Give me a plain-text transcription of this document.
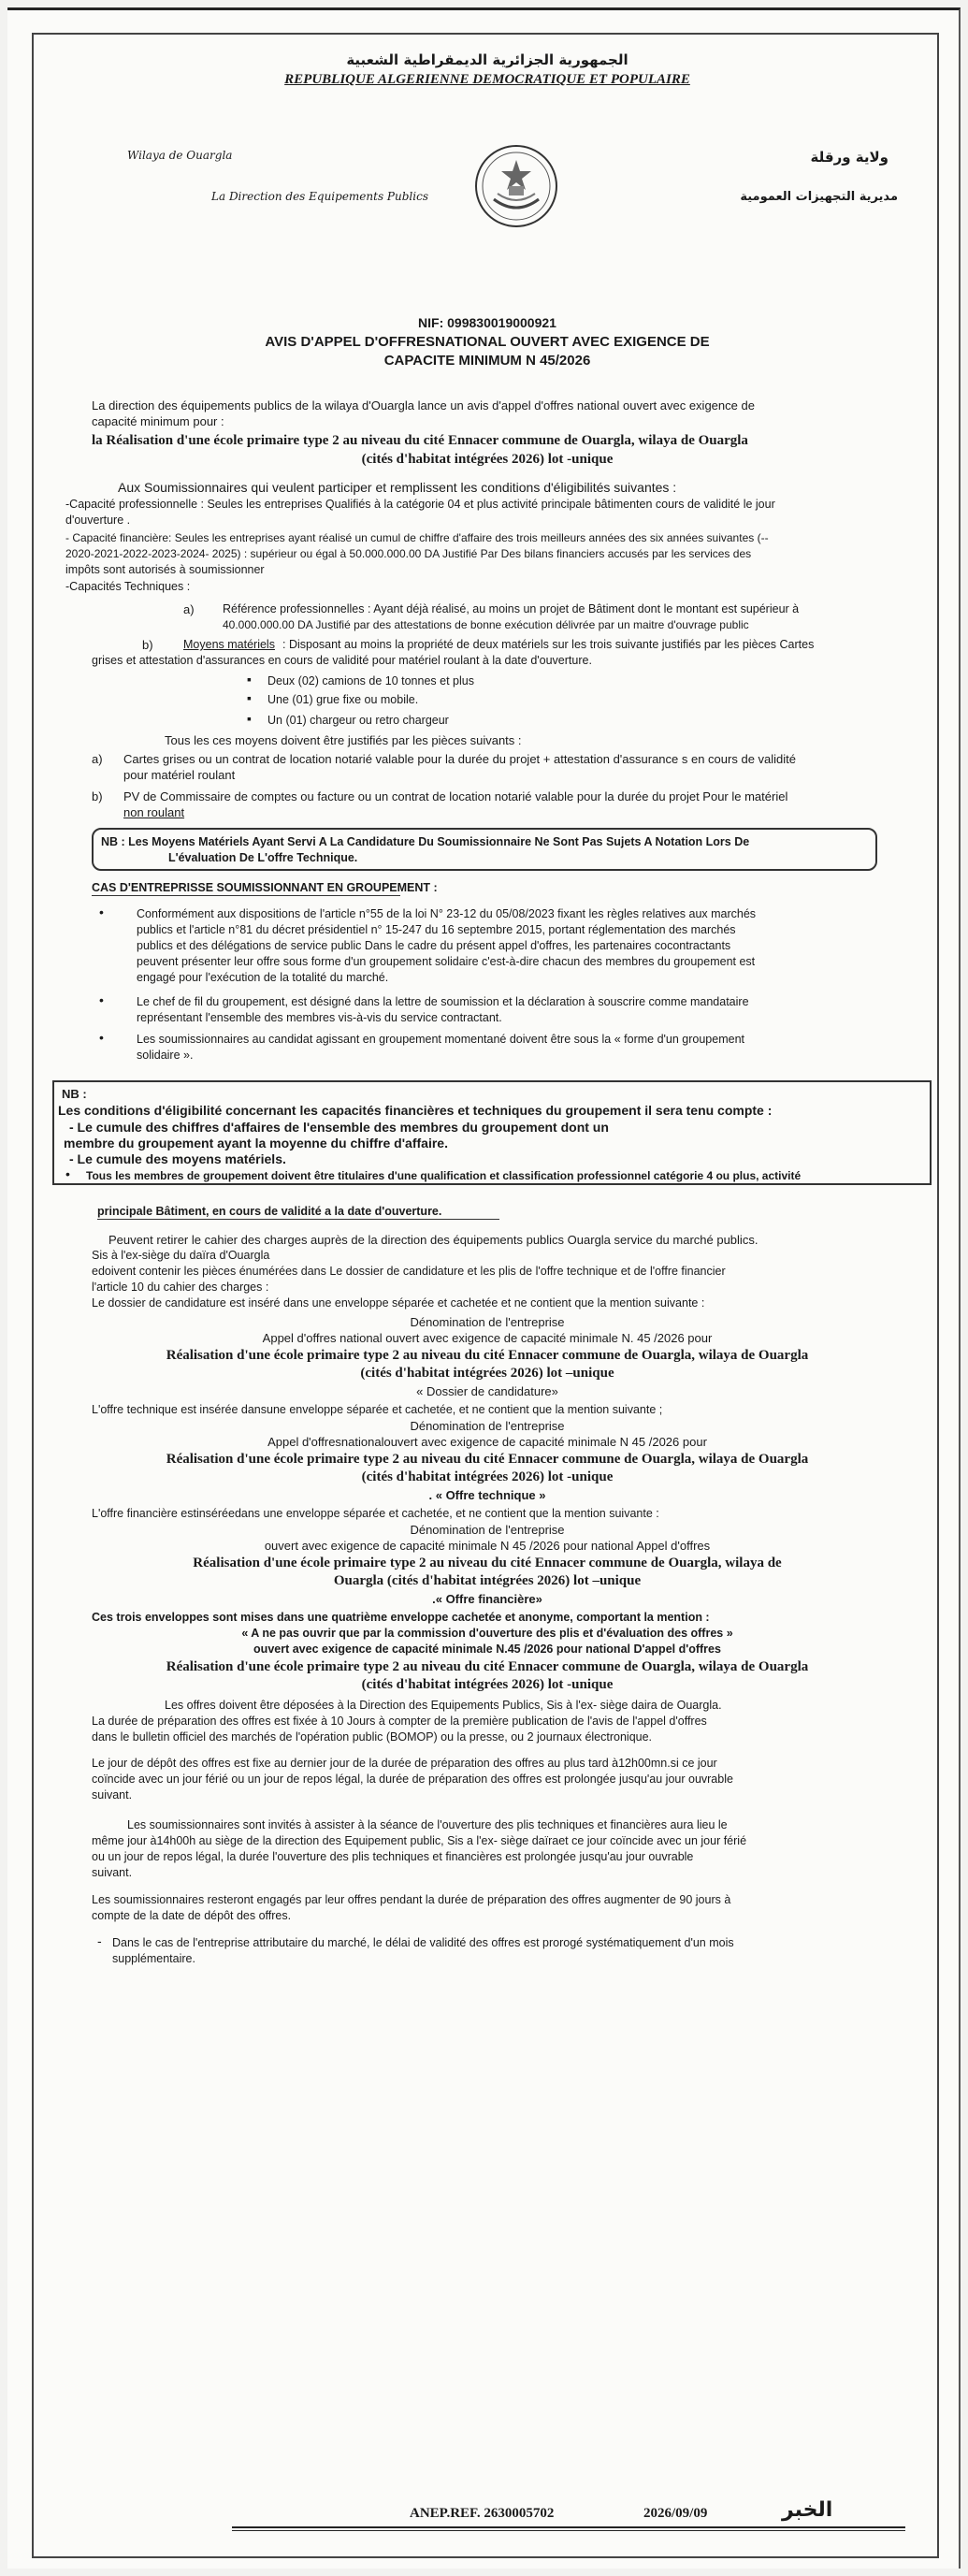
الجمهورية الجزائرية الديمقراطية الشعبية
REPUBLIQUE ALGERIENNE DEMOCRATIQUE ET POPULAIRE
Wilaya de Ouargla
La Direction des Equipements Publics
ولاية ورقلة
مديرية التجهيزات العمومية
NIF: 099830019000921
AVIS D'APPEL D'OFFRESNATIONAL OUVERT AVEC EXIGENCE DE
CAPACITE MINIMUM N 45/2026
La direction des équipements publics de la wilaya d'Ouargla lance un avis d'appel d'offres national ouvert avec exigence de
capacité minimum pour :
la Réalisation d'une école primaire type 2 au niveau du cité Ennacer commune de Ouargla, wilaya de Ouargla
(cités d'habitat intégrées 2026) lot -unique
Aux Soumissionnaires qui veulent participer et remplissent les conditions d'éligibilités suivantes :
-Capacité professionnelle : Seules les entreprises Qualifiés à la catégorie 04 et plus activité principale bâtimenten cours de validité le jour
d'ouverture .
- Capacité financière: Seules les entreprises ayant réalisé un cumul de chiffre d'affaire des trois meilleurs années des six années suivantes (--
2020-2021-2022-2023-2024- 2025) : supérieur ou égal à 50.000.000.00 DA Justifié Par Des bilans financiers accusés par les services des
impôts sont autorisés à soumissionner
-Capacités Techniques :
a) Référence professionnelles : Ayant déjà réalisé, au moins un projet de Bâtiment dont le montant est supérieur à
40.000.000.00 DA Justifié par des attestations de bonne exécution délivrée par un maitre d'ouvrage public
b)	Moyens matériels : Disposant au moins la propriété de deux matériels sur les trois suivante justifiés par les pièces Cartes
grises et attestation d'assurances en cours de validité pour matériel roulant à la date d'ouverture.
▪ Deux (02) camions de 10 tonnes et plus
▪ Une (01) grue fixe ou mobile.
▪ Un (01) chargeur ou retro chargeur
Tous les ces moyens doivent être justifiés par les pièces suivants :
a) Cartes grises ou un contrat de location notarié valable pour la durée du projet + attestation d'assurance s en cours de validité
pour matériel roulant
b) PV de Commissaire de comptes ou facture ou un contrat de location notarié valable pour la durée du projet Pour le matériel
non roulant
NB : Les Moyens Matériels Ayant Servi A La Candidature Du Soumissionnaire Ne Sont Pas Sujets A Notation Lors De
L'évaluation De L'offre Technique.
CAS D'ENTREPRISSE SOUMISSIONNANT EN GROUPEMENT :
•	Conformément aux dispositions de l'article n°55 de la loi N° 23-12 du 05/08/2023 fixant les règles relatives aux marchés
publics et l'article n°81 du décret présidentiel n° 15-247 du 16 septembre 2015, portant réglementation des marchés
publics et des délégations de service public Dans le cadre du présent appel d'offres, les partenaires cocontractants
peuvent présenter leur offre sous forme d'un groupement solidaire c'est-à-dire chacun des membres du groupement est
engagé pour l'exécution de la totalité du marché.
•	Le chef de fil du groupement, est désigné dans la lettre de soumission et la déclaration à souscrire comme mandataire
représentant l'ensemble des membres vis-à-vis du service contractant.
•	Les soumissionnaires au candidat agissant en groupement momentané doivent être sous la « forme d'un groupement
solidaire ».
NB :
Les conditions d'éligibilité concernant les capacités financières et techniques du groupement il sera tenu compte :
- Le cumule des chiffres d'affaires de l'ensemble des membres du groupement dont un
membre du groupement ayant la moyenne du chiffre d'affaire.
- Le cumule des moyens matériels.
• Tous les membres de groupement doivent être titulaires d'une qualification et classification professionnel catégorie 4 ou plus, activité
principale Bâtiment, en cours de validité a la date d'ouverture.
Peuvent retirer le cahier des charges auprès de la direction des équipements publics Ouargla service du marché publics.
Sis à l'ex-siège du daïra d'Ouargla
edoivent contenir les pièces énumérées dans Le dossier de candidature et les plis de l'offre technique et de l'offre financier
l'article 10 du cahier des charges :
Le dossier de candidature est inséré dans une enveloppe séparée et cachetée et ne contient que la mention suivante :
Dénomination de l'entreprise
Appel d'offres national ouvert avec exigence de capacité minimale N. 45 /2026 pour
Réalisation d'une école primaire type 2 au niveau du cité Ennacer commune de Ouargla, wilaya de Ouargla
(cités d'habitat intégrées 2026) lot –unique
« Dossier de candidature»
L'offre technique est insérée dansune enveloppe séparée et cachetée, et ne contient que la mention suivante ;
Dénomination de l'entreprise
Appel d'offresnationalouvert avec exigence de capacité minimale N 45 /2026 pour
Réalisation d'une école primaire type 2 au niveau du cité Ennacer commune de Ouargla, wilaya de Ouargla
(cités d'habitat intégrées 2026) lot -unique
. « Offre technique »
L'offre financière estinséréedans une enveloppe séparée et cachetée, et ne contient que la mention suivante :
Dénomination de l'entreprise
ouvert avec exigence de capacité minimale N 45 /2026 pour national Appel d'offres
Réalisation d'une école primaire type 2 au niveau du cité Ennacer commune de Ouargla, wilaya de
Ouargla (cités d'habitat intégrées 2026) lot –unique
.« Offre financière»
Ces trois enveloppes sont mises dans une quatrième enveloppe cachetée et anonyme, comportant la mention :
« A ne pas ouvrir que par la commission d'ouverture des plis et d'évaluation des offres »
ouvert avec exigence de capacité minimale N.45 /2026 pour national D'appel d'offres
Réalisation d'une école primaire type 2 au niveau du cité Ennacer commune de Ouargla, wilaya de Ouargla
(cités d'habitat intégrées 2026) lot -unique
Les offres doivent être déposées à la Direction des Equipements Publics, Sis à l'ex- siège daira de Ouargla.
La durée de préparation des offres est fixée à 10 Jours à compter de la première publication de l'avis de l'appel d'offres
dans le bulletin officiel des marchés de l'opération public (BOMOP) ou la presse, ou 2 journaux électronique.
Le jour de dépôt des offres est fixe au dernier jour de la durée de préparation des offres au plus tard à12h00mn.si ce jour
coïncide avec un jour férié ou un jour de repos légal, la durée de préparation des offres est prolongée jusqu'au jour ouvrable
suivant.
Les soumissionnaires sont invités à assister à la séance de l'ouverture des plis techniques et financières aura lieu le
même jour à14h00h au siège de la direction des Equipement public, Sis a l'ex- siège daïraet ce jour coïncide avec un jour férié
ou un jour de repos légal, la durée l'ouverture des plis techniques et financières est prolongée jusqu'au jour ouvrable
suivant.
Les soumissionnaires resteront engagés par leur offres pendant la durée de préparation des offres augmenter de 90 jours à
compte de la date de dépôt des offres.
- Dans le cas de l'entreprise attributaire du marché, le délai de validité des offres est prorogé systématiquement d'un mois
supplémentaire.
ANEP.REF. 2630005702	2026/09/09	الخبر
